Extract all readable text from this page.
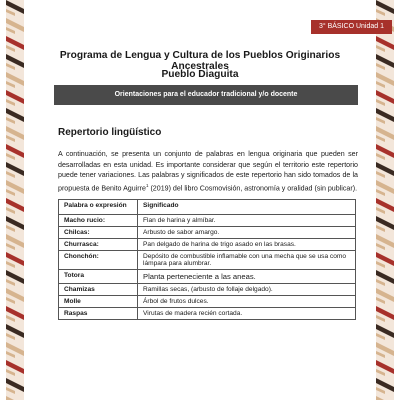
3° BÁSICO Unidad 1
Programa de Lengua y Cultura de los Pueblos Originarios Ancestrales
Pueblo Diaguita
Orientaciones para el educador tradicional y/o docente
Repertorio lingüístico
A continuación, se presenta un conjunto de palabras en lengua originaria que pueden ser desarrolladas en esta unidad. Es importante considerar que según el territorio este repertorio puede tener variaciones. Las palabras y significados de este repertorio han sido tomados de la propuesta de Benito Aguirre$^1$ (2019) del libro Cosmovisión, astronomía y oralidad (sin publicar).
Palabra o expresión	Significado
Macho rucio:	Flan de harina y almíbar.
Chilcas:	Arbusto de sabor amargo.
Churrasca:	Pan delgado de harina de trigo asado en las brasas.
Chonchón:	Depósito de combustible inflamable con una mecha que se usa como lámpara para alumbrar.
Totora	Planta perteneciente a las aneas.
Chamizas	Ramillas secas, (arbusto de follaje delgado).
Molle	Árbol de frutos dulces.
Raspas	Virutas de madera recién cortada.
